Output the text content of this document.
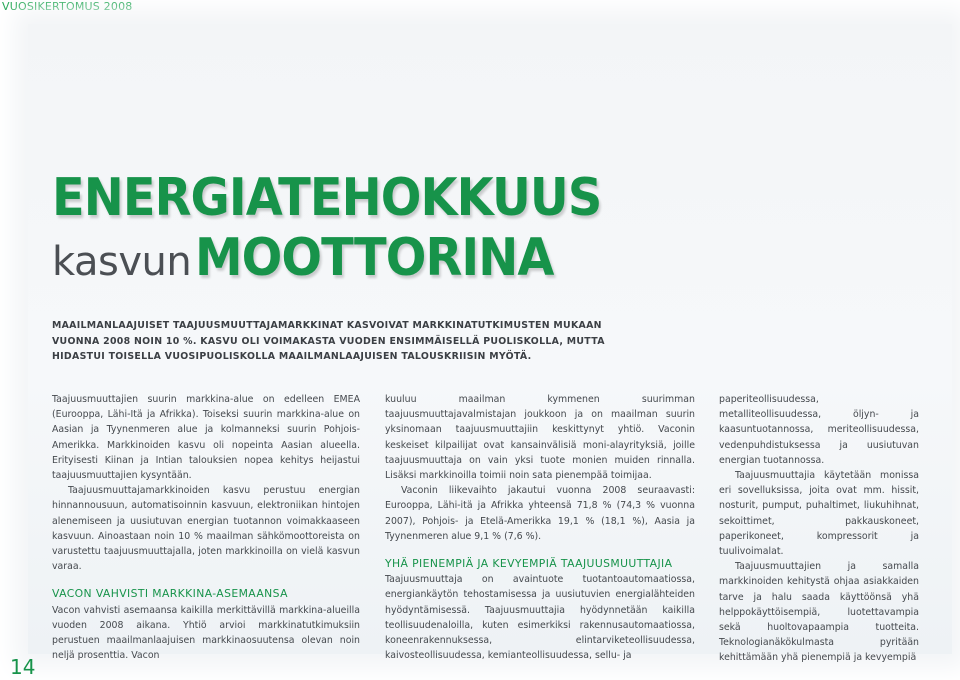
VUOSIKERTOMUS 2008
ENERGIATEHOKKUUS
kasvunMOOTTORINA
MAAILMANLAAJUISET TAAJUUSMUUTTAJAMARKKINAT KASVOIVAT MARKKINATUTKIMUSTEN MUKAAN VUONNA 2008 NOIN 10 %. KASVU OLI VOIMAKASTA VUODEN ENSIMMÄISELLÄ PUOLISKOLLA, MUTTA HIDASTUI TOISELLA VUOSIPUOLISKOLLA MAAILMANLAAJUISEN TALOUSKRIISIN MYÖTÄ.

Taajuusmuuttajien suurin markkina-alue on edelleen EMEA (Eurooppa, Lähi-Itä ja Afrikka). Toiseksi suurin markkina-alue on Aasian ja Tyynenmeren alue ja kolmanneksi suurin Pohjois-Amerikka. Markkinoiden kasvu oli nopeinta Aasian alueella. Erityisesti Kiinan ja Intian talouksien nopea kehitys heijastui taajuusmuuttajien kysyntään.

Taajuusmuuttajamarkkinoiden kasvu perustuu energian hinnannousuun, automatisoinnin kasvuun, elektroniikan hintojen alenemiseen ja uusiutuvan energian tuotannon voimakkaaseen kasvuun. Ainoastaan noin 10 % maailman sähkömoottoreista on varustettu taajuusmuuttajalla, joten markkinoilla on vielä kasvun varaa.

VACON VAHVISTI MARKKINA-ASEMAANSA

Vacon vahvisti asemaansa kaikilla merkittävillä markkina-alueilla vuoden 2008 aikana. Yhtiö arvioi markkinatutkimuksiin perustuen maailmanlaajuisen markkinaosuutensa olevan noin neljä prosenttia. Vacon

kuuluu maailman kymmenen suurimman taajuusmuuttajavalmistajan joukkoon ja on maailman suurin yksinomaan taajuusmuuttajiin keskittynyt yhtiö. Vaconin keskeiset kilpailijat ovat kansainvälisiä moni-alayrityksiä, joille taajuusmuuttaja on vain yksi tuote monien muiden rinnalla. Lisäksi markkinoilla toimii noin sata pienempää toimijaa.

Vaconin liikevaihto jakautui vuonna 2008 seuraavasti: Eurooppa, Lähi-itä ja Afrikka yhteensä 71,8 % (74,3 % vuonna 2007), Pohjois- ja Etelä-Amerikka 19,1 % (18,1 %), Aasia ja Tyynenmeren alue 9,1 % (7,6 %).

YHÄ PIENEMPIÄ JA KEVYEMPIÄ TAAJUUSMUUTTAJIA

Taajuusmuuttaja on avaintuote tuotantoautomaatiossa, energiankäytön tehostamisessa ja uusiutuvien energialähteiden hyödyntämisessä. Taajuusmuuttajia hyödynnetään kaikilla teollisuudenaloilla, kuten esimerkiksi rakennusautomaatiossa, koneenrakennuksessa, elintarviketeollisuudessa, kaivosteollisuudessa, kemianteollisuudessa, sellu- ja

paperiteollisuudessa, metalliteollisuudessa, öljyn- ja kaasuntuotannossa, meriteollisuudessa, vedenpuhdistuksessa ja uusiutuvan energian tuotannossa.

Taajuusmuuttajia käytetään monissa eri sovelluksissa, joita ovat mm. hissit, nosturit, pumput, puhaltimet, liukuhihnat, sekoittimet, pakkauskoneet, paperikoneet, kompressorit ja tuulivoimalat.

Taajuusmuuttajien ja samalla markkinoiden kehitystä ohjaa asiakkaiden tarve ja halu saada käyttöönsä yhä helppokäyttöisempiä, luotettavampia sekä huoltovapaampia tuotteita. Teknologianäkökulmasta pyritään kehittämään yhä pienempiä ja kevyempiä

14
